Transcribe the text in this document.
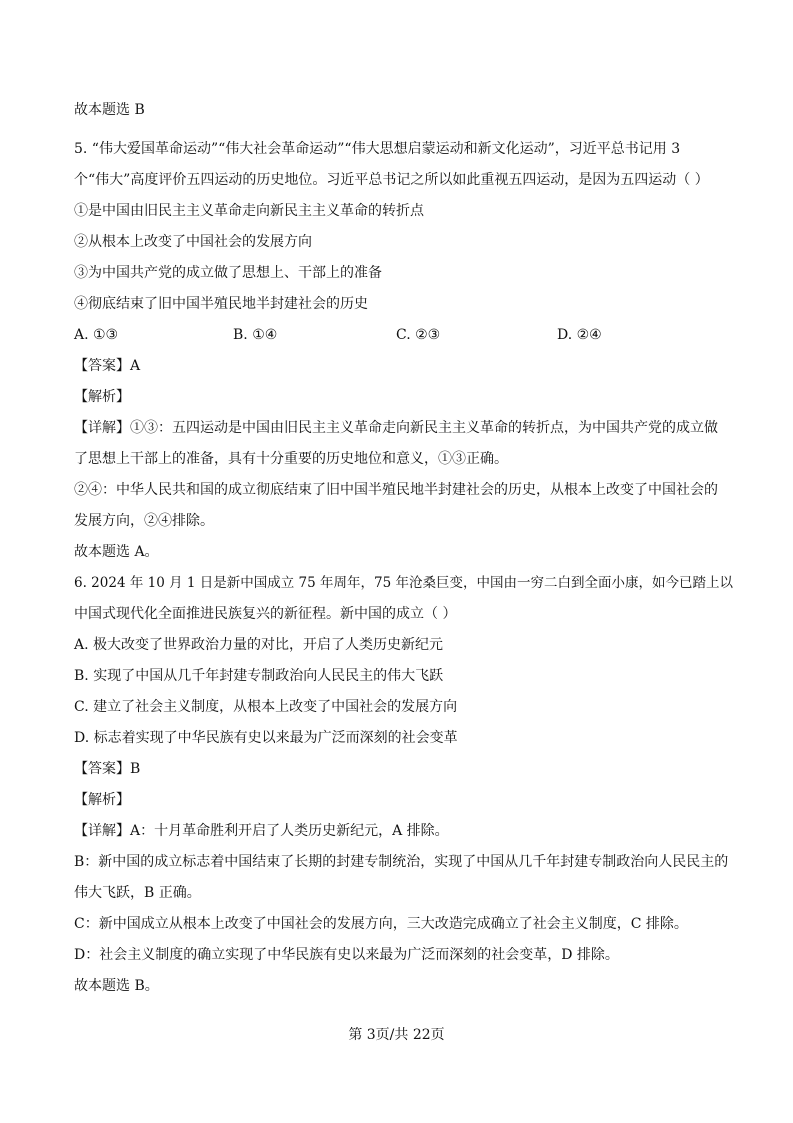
故本题选 B
5. “伟大爱国革命运动”“伟大社会革命运动”“伟大思想启蒙运动和新文化运动”，习近平总书记用 3
个“伟大”高度评价五四运动的历史地位。习近平总书记之所以如此重视五四运动，是因为五四运动（ ）
①是中国由旧民主主义革命走向新民主主义革命的转折点
②从根本上改变了中国社会的发展方向
③为中国共产党的成立做了思想上、干部上的准备
④彻底结束了旧中国半殖民地半封建社会的历史
A. ①③	B. ①④	C. ②③	D. ②④
【答案】A
【解析】
【详解】①③：五四运动是中国由旧民主主义革命走向新民主主义革命的转折点，为中国共产党的成立做
了思想上干部上的准备，具有十分重要的历史地位和意义，①③正确。
②④：中华人民共和国的成立彻底结束了旧中国半殖民地半封建社会的历史，从根本上改变了中国社会的
发展方向，②④排除。
故本题选 A。
6. 2024 年 10 月 1 日是新中国成立 75 年周年，75 年沧桑巨变，中国由一穷二白到全面小康，如今已踏上以
中国式现代化全面推进民族复兴的新征程。新中国的成立（ ）
A. 极大改变了世界政治力量的对比，开启了人类历史新纪元
B. 实现了中国从几千年封建专制政治向人民民主的伟大飞跃
C. 建立了社会主义制度，从根本上改变了中国社会的发展方向
D. 标志着实现了中华民族有史以来最为广泛而深刻的社会变革
【答案】B
【解析】
【详解】A：十月革命胜利开启了人类历史新纪元，A 排除。
B：新中国的成立标志着中国结束了长期的封建专制统治，实现了中国从几千年封建专制政治向人民民主的
伟大飞跃，B 正确。
C：新中国成立从根本上改变了中国社会的发展方向，三大改造完成确立了社会主义制度，C 排除。
D：社会主义制度的确立实现了中华民族有史以来最为广泛而深刻的社会变革，D 排除。
故本题选 B。
第 3页/共 22页
